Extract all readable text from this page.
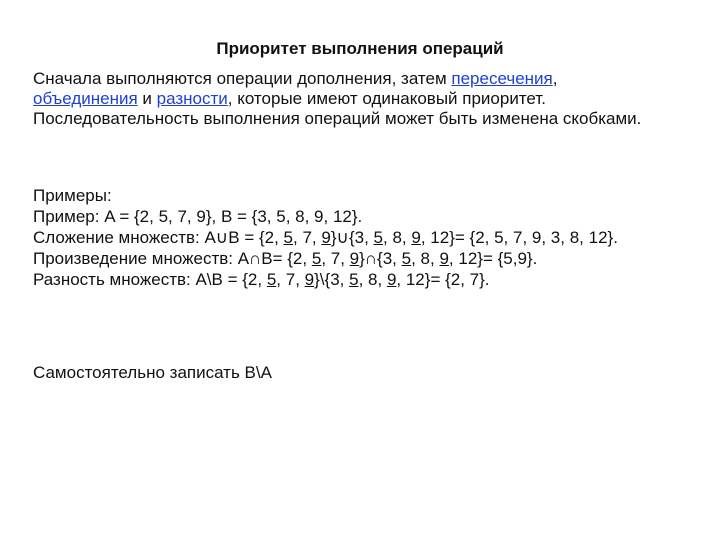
Приоритет выполнения операций
Сначала выполняются операции дополнения, затем пересечения,
объединения и разности, которые имеют одинаковый приоритет. Последовательность выполнения операций может быть изменена скобками.

Примеры:

Пример: A = {2, 5, 7, 9}, B = {3, 5, 8, 9, 12}.

Сложение множеств: A∪B = {2, 5, 7, 9}∪{3, 5, 8, 9, 12}= {2, 5, 7, 9, 3, 8, 12}.

Произведение множеств: A∩B= {2, 5, 7, 9}∩{3, 5, 8, 9, 12}= {5,9}.

Разность множеств: A\B = {2, 5, 7, 9}\{3, 5, 8, 9, 12}= {2, 7}.

Самостоятельно записать B\A
